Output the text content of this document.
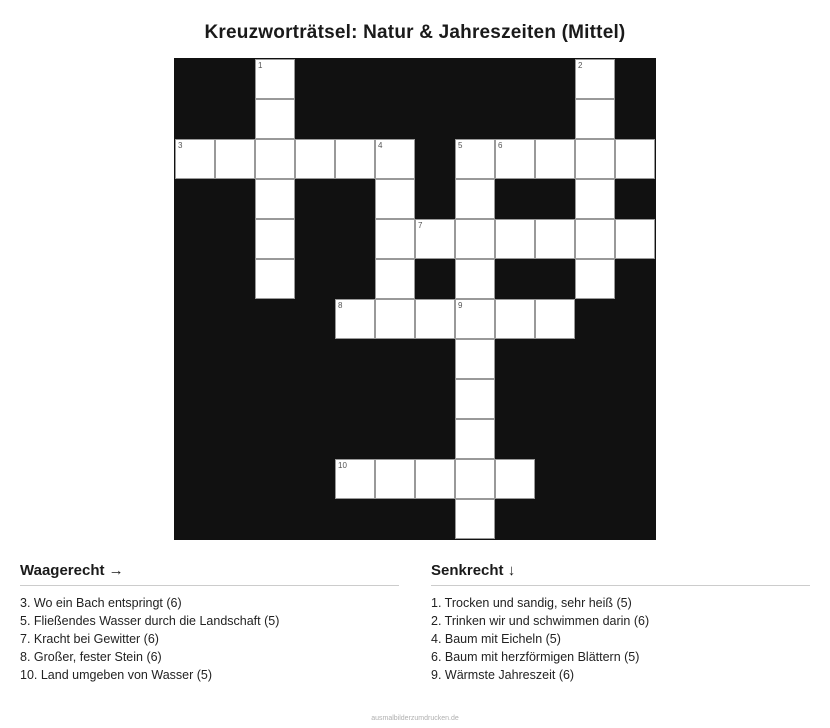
Kreuzworträtsel: Natur & Jahreszeiten (Mittel)
1	2
3	4	5	6
7
8	9
10
Waagerecht →
3. Wo ein Bach entspringt (6)
5. Fließendes Wasser durch die Landschaft (5)
7. Kracht bei Gewitter (6)
8. Großer, fester Stein (6)
10. Land umgeben von Wasser (5)
Senkrecht ↓
1. Trocken und sandig, sehr heiß (5)
2. Trinken wir und schwimmen darin (6)
4. Baum mit Eicheln (5)
6. Baum mit herzförmigen Blättern (5)
9. Wärmste Jahreszeit (6)
ausmalbilderzumdrucken.de
